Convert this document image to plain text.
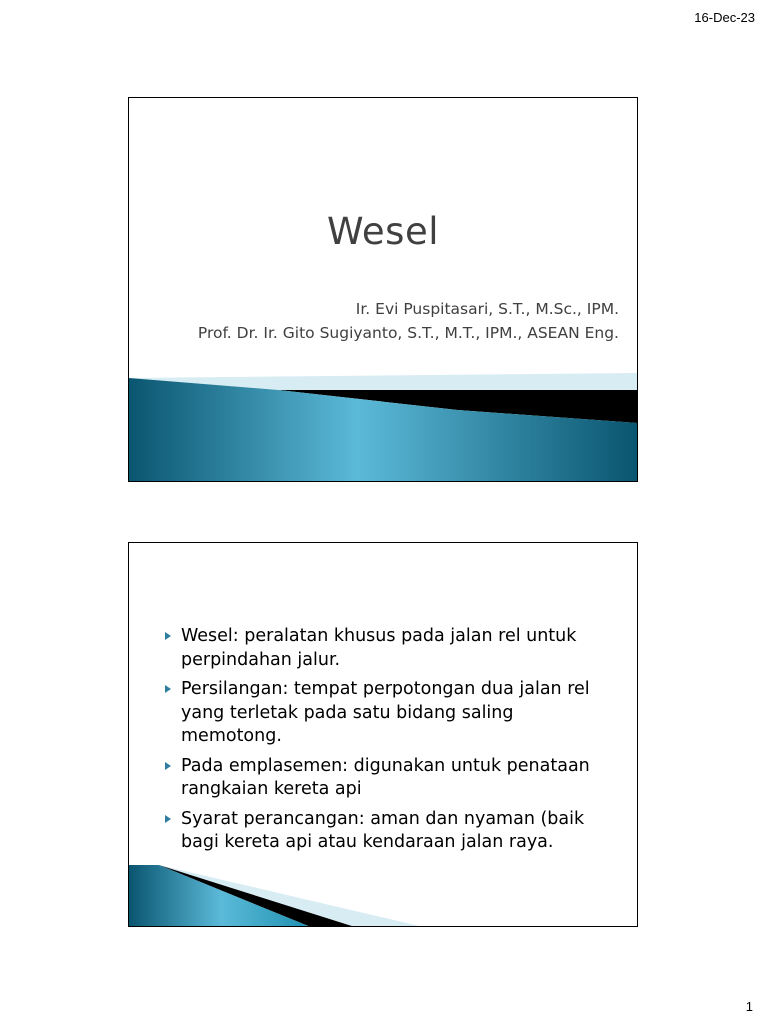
16-Dec-23
Wesel
Ir. Evi Puspitasari, S.T., M.Sc., IPM.
Prof. Dr. Ir. Gito Sugiyanto, S.T., M.T., IPM., ASEAN Eng.
Wesel: peralatan khusus pada jalan rel untuk perpindahan jalur.
Persilangan: tempat perpotongan dua jalan rel yang terletak pada satu bidang saling memotong.
Pada emplasemen: digunakan untuk penataan rangkaian kereta api
Syarat perancangan: aman dan nyaman (baik bagi kereta api atau kendaraan jalan raya.
1
